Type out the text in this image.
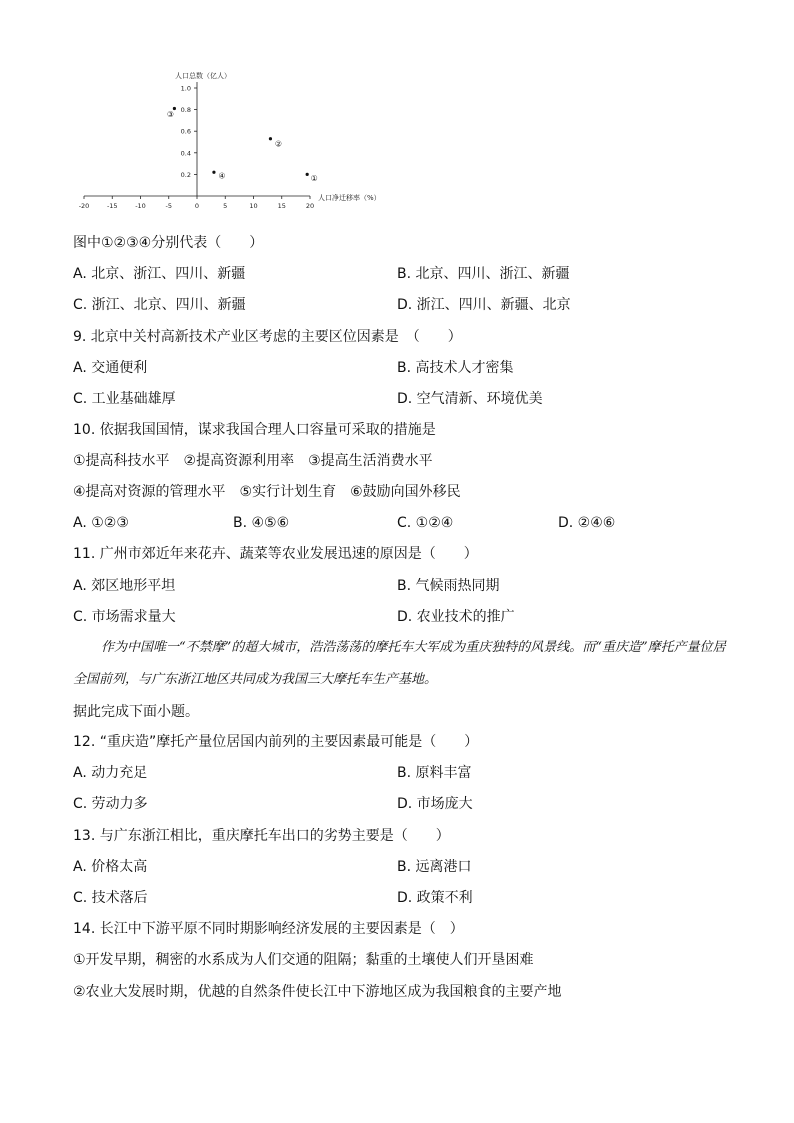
-20	-15	-10	-5	0	5	10	15	20
0.2
0.4
0.6
0.8
1.0
人口总数（亿人）
人口净迁移率（%）
①
②
③
④
图中①②③④分别代表（　　）
A. 北京、浙江、四川、新疆	B. 北京、四川、浙江、新疆
C. 浙江、北京、四川、新疆	D. 浙江、四川、新疆、北京
9. 北京中关村高新技术产业区考虑的主要区位因素是　（　　）
A. 交通便利	B. 高技术人才密集
C. 工业基础雄厚	D. 空气清新、环境优美
10. 依据我国国情，谋求我国合理人口容量可采取的措施是
①提高科技水平　②提高资源利用率　③提高生活消费水平
④提高对资源的管理水平　⑤实行计划生育　⑥鼓励向国外移民
A. ①②③	B. ④⑤⑥	C. ①②④	D. ②④⑥
11. 广州市郊近年来花卉、蔬菜等农业发展迅速的原因是（　　）
A. 郊区地形平坦	B. 气候雨热同期
C. 市场需求量大	D. 农业技术的推广
作为中国唯一“不禁摩”的超大城市，浩浩荡荡的摩托车大军成为重庆独特的风景线。而“重庆造”摩托产量位居全国前列，与广东浙江地区共同成为我国三大摩托车生产基地。
据此完成下面小题。
12. “重庆造”摩托产量位居国内前列的主要因素最可能是（　　）
A. 动力充足	B. 原料丰富
C. 劳动力多	D. 市场庞大
13. 与广东浙江相比，重庆摩托车出口的劣势主要是（　　）
A. 价格太高	B. 远离港口
C. 技术落后	D. 政策不利
14. 长江中下游平原不同时期影响经济发展的主要因素是（　）
①开发早期，稠密的水系成为人们交通的阻隔；黏重的土壤使人们开垦困难
②农业大发展时期，优越的自然条件使长江中下游地区成为我国粮食的主要产地
